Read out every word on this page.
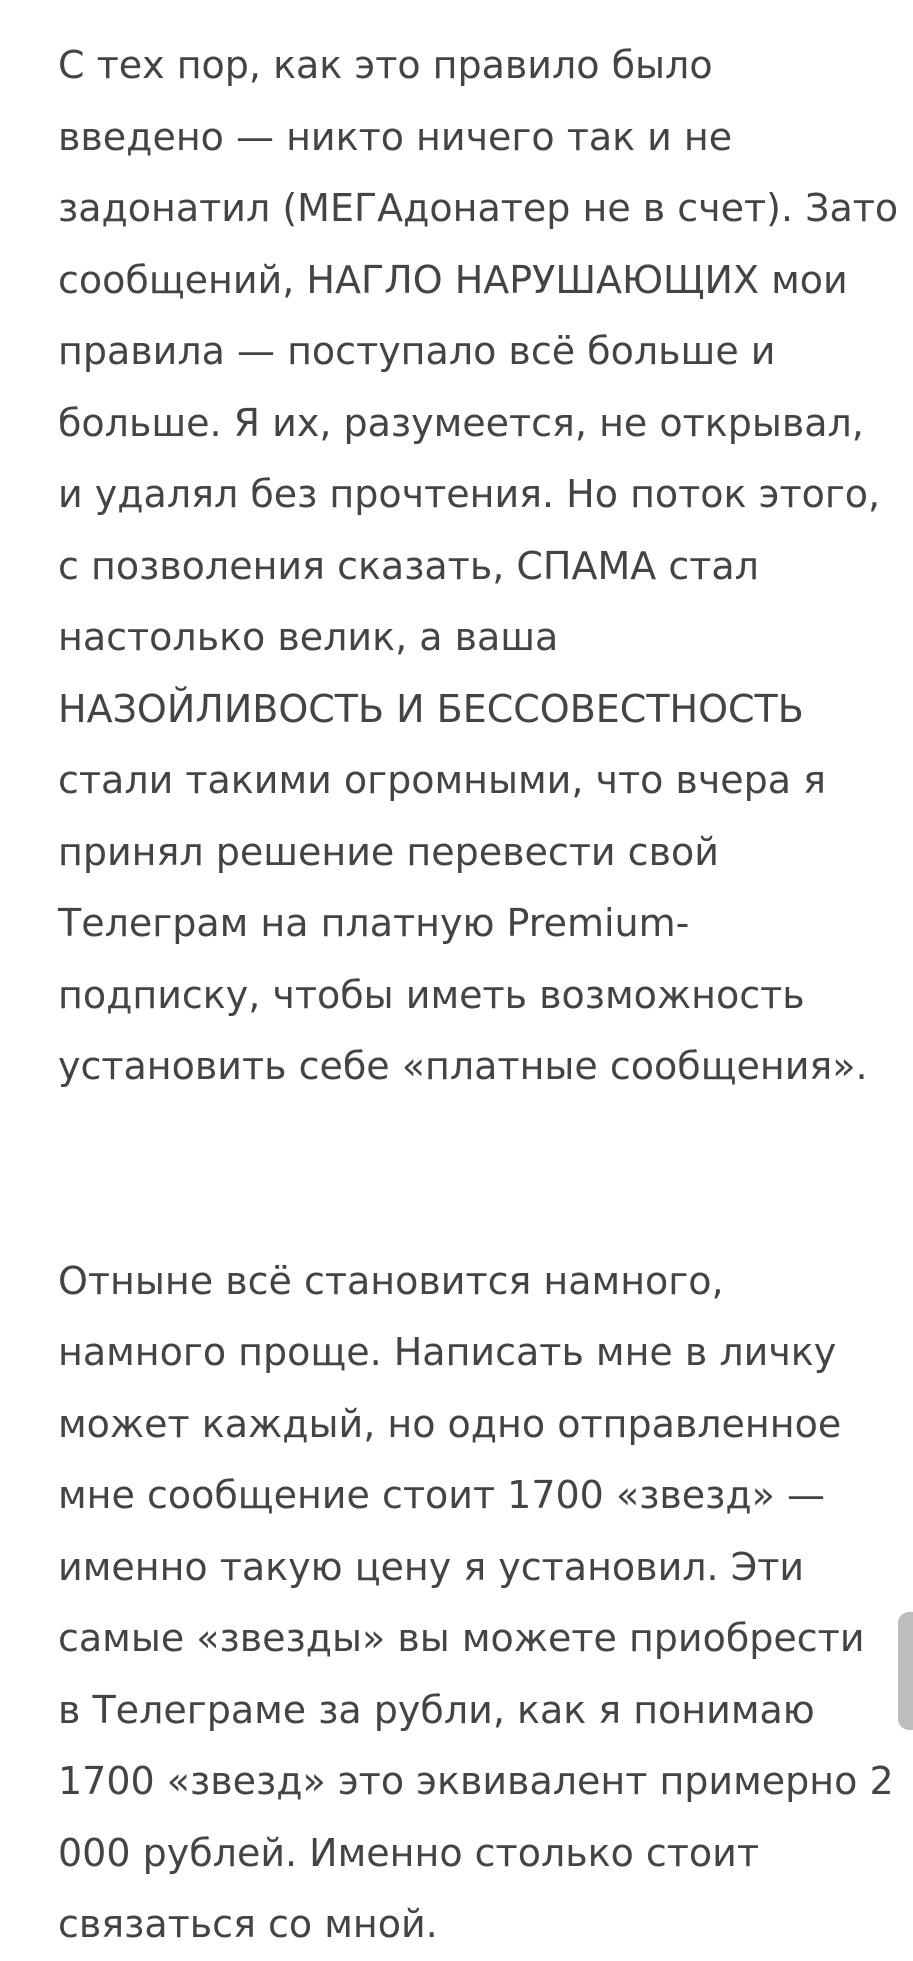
С тех пор, как это правило было
введено — никто ничего так и не
задонатил (МЕГАдонатер не в счет). Зато
сообщений, НАГЛО НАРУШАЮЩИХ мои
правила — поступало всё больше и
больше. Я их, разумеется, не открывал,
и удалял без прочтения. Но поток этого,
с позволения сказать, СПАМА стал
настолько велик, а ваша
НАЗОЙЛИВОСТЬ И БЕССОВЕСТНОСТЬ
стали такими огромными, что вчера я
принял решение перевести свой
Телеграм на платную Premium-
подписку, чтобы иметь возможность
установить себе «платные сообщения».

Отныне всё становится намного,
намного проще. Написать мне в личку
может каждый, но одно отправленное
мне сообщение стоит 1700 «звезд» —
именно такую цену я установил. Эти
самые «звезды» вы можете приобрести
в Телеграме за рубли, как я понимаю
1700 «звезд» это эквивалент примерно 2
000 рублей. Именно столько стоит
связаться со мной.
